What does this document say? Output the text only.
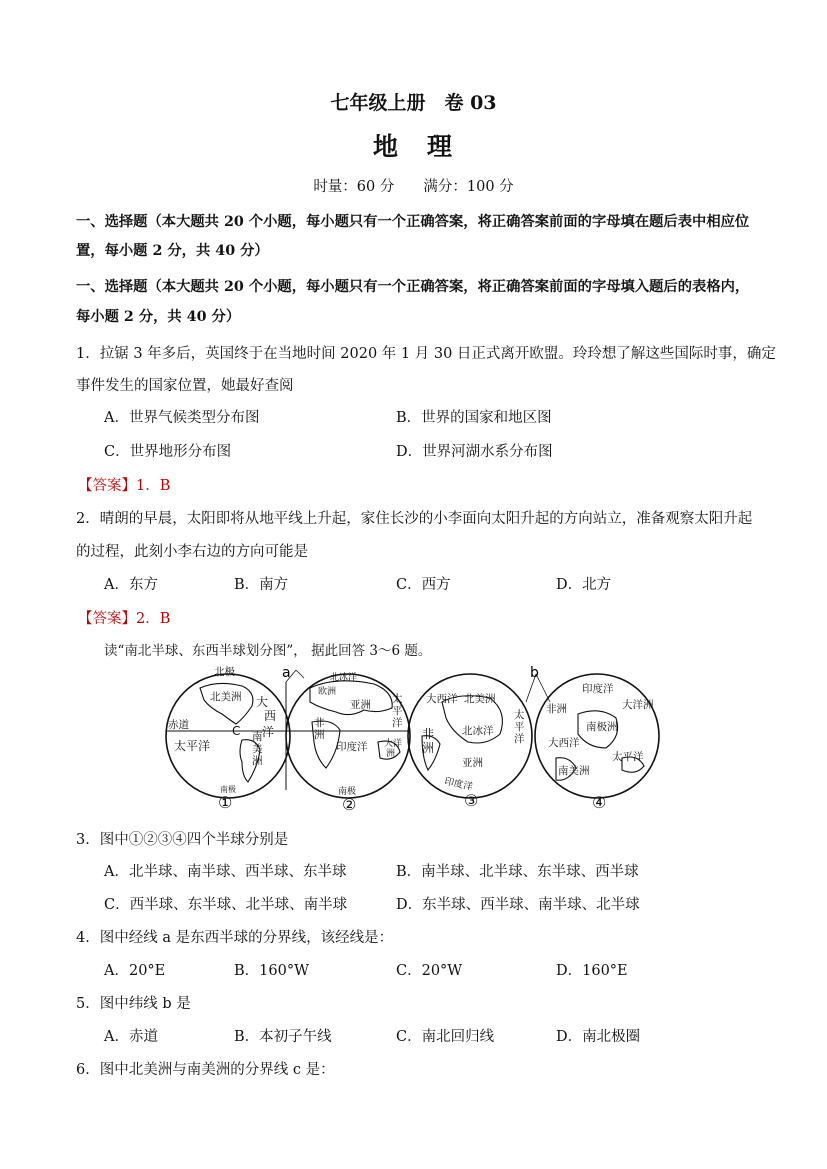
七年级上册　卷 03
地　理
时量：60 分　　满分：100 分
一、选择题（本大题共 20 个小题，每小题只有一个正确答案，将正确答案前面的字母填在题后表中相应位
置，每小题 2 分，共 40 分）
一、选择题（本大题共 20 个小题，每小题只有一个正确答案，将正确答案前面的字母填入题后的表格内，
每小题 2 分，共 40 分）
1．拉锯 3 年多后，英国终于在当地时间 2020 年 1 月 30 日正式离开欧盟。玲玲想了解这些国际时事，确定
事件发生的国家位置，她最好查阅
A．世界气候类型分布图	B．世界的国家和地区图
C．世界地形分布图	D．世界河湖水系分布图
【答案】1．B
2．晴朗的早晨，太阳即将从地平线上升起，家住长沙的小李面向太阳升起的方向站立，准备观察太阳升起
的过程，此刻小李右边的方向可能是
A．东方	B．南方	C．西方	D．北方
【答案】2．B
读“南北半球、东西半球划分图”， 据此回答 3～6 题。
a	b
北极
北美洲 大
西
洋
赤道	C
太平洋
南
美
洲
南极
北冰洋
欧洲
亚洲
非
洲
印度洋
太
平
洋
大洋
洲
南极
大西洋 北美洲
太
平
洋
非
洲
北冰洋
亚洲
印度洋
印度洋
大洋洲
非洲
南极洲
大西洋
太平洋
南美洲
①	②	③	④
3．图中①②③④四个半球分别是
A．北半球、南半球、西半球、东半球	B．南半球、北半球、东半球、西半球
C．西半球、东半球、北半球、南半球	D．东半球、西半球、南半球、北半球
4．图中经线 a 是东西半球的分界线，该经线是：
A．20°E	B．160°W	C．20°W	D．160°E
5．图中纬线 b 是
A．赤道	B．本初子午线	C．南北回归线	D．南北极圈
6．图中北美洲与南美洲的分界线 c 是：
